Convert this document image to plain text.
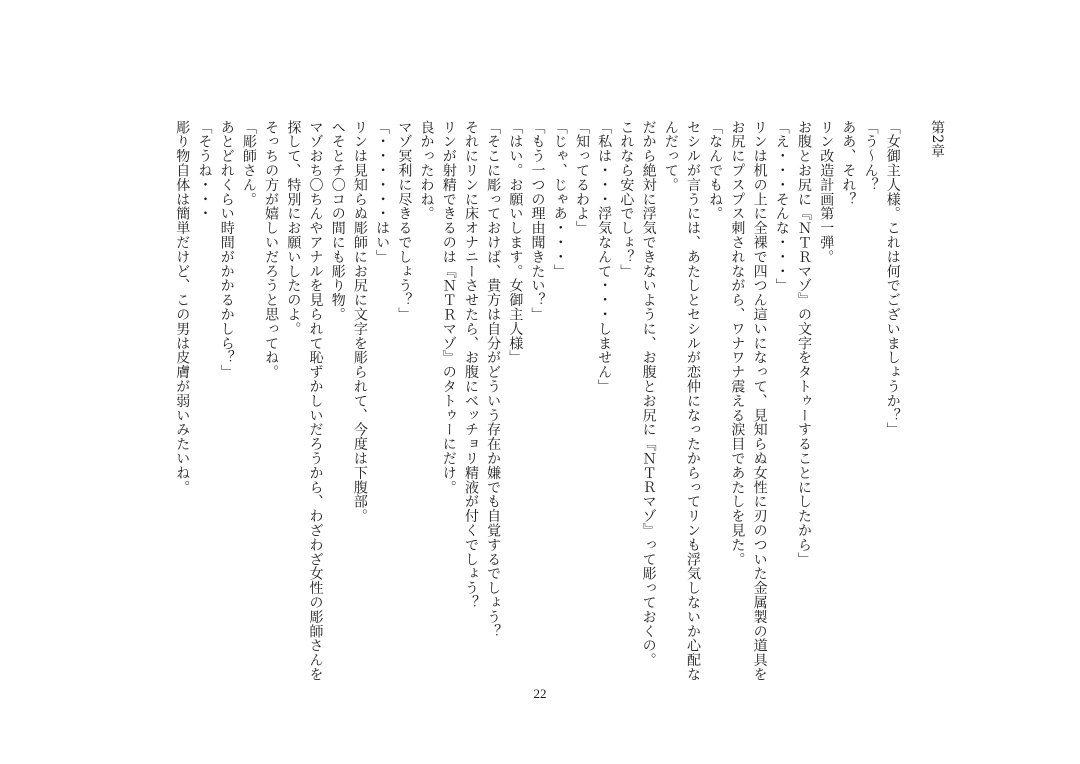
第2章
「女御主人様。これは何でございましょうか？」
「う〜ん？
ああ、それ？
リン改造計画第一弾。
お腹とお尻に『ＮＴＲマゾ』の文字をタトゥーすることにしたから」
「え・・・そんな・・・」
リンは机の上に全裸で四つん這いになって、見知らぬ女性に刃のついた金属製の道具を
お尻にプスプス刺されながら、ワナワナ震える涙目であたしを見た。
「なんでもね。
セシルが言うには、あたしとセシルが恋仲になったからってリンも浮気しないか心配な
んだって。
だから絶対に浮気できないように、お腹とお尻に『ＮＴＲマゾ』って彫っておくの。
これなら安心でしょ？」
「私は・・・浮気なんて・・・しません」
「知ってるわよ」
「じゃ、じゃあ・・・」
「もう一つの理由聞きたい？」
「はい。お願いします。女御主人様」
「そこに彫っておけば、貴方は自分がどういう存在か嫌でも自覚するでしょう？
それにリンに床オナニーさせたら、お腹にベッチョリ精液が付くでしょう？
リンが射精できるのは『ＮＴＲマゾ』のタトゥーにだけ。
良かったわね。
マゾ冥利に尽きるでしょう？」
「・・・・・・はい」
リンは見知らぬ彫師にお尻に文字を彫られて、今度は下腹部。
へそとチ〇コの間にも彫り物。
マゾおち〇ちんやアナルを見られて恥ずかしいだろうから、わざわざ女性の彫師さんを
探して、特別にお願いしたのよ。
そっちの方が嬉しいだろうと思ってね。
「彫師さん。
あとどれくらい時間がかかるかしら？」
「そうね・・・
彫り物自体は簡単だけど、この男は皮膚が弱いみたいね。
22
